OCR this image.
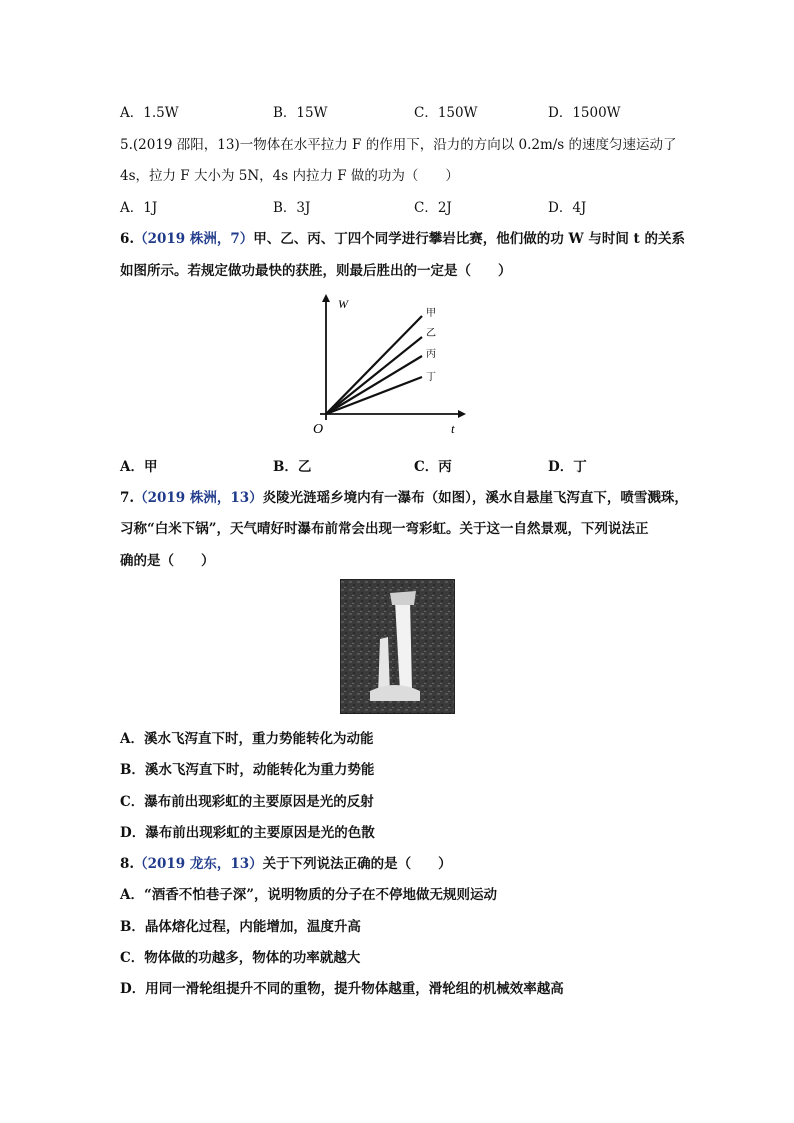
A．1.5W	B．15W	C．150W	D．1500W
5.(2019 邵阳，13)一物体在水平拉力 F 的作用下，沿力的方向以 0.2m/s 的速度匀速运动了
4s，拉力 F 大小为 5N，4s 内拉力 F 做的功为（　　）
A．1J	B．3J	C．2J	D．4J
6.（2019 株洲，7）甲、乙、丙、丁四个同学进行攀岩比赛，他们做的功 W 与时间 t 的关系
如图所示。若规定做功最快的获胜，则最后胜出的一定是（　　）
W
t
O
甲
乙
丙
丁
A．甲	B．乙	C．丙	D．丁
7.（2019 株洲，13）炎陵光涟瑶乡境内有一瀑布（如图），溪水自悬崖飞泻直下，喷雪溅珠，
习称“白米下锅”，天气晴好时瀑布前常会出现一弯彩虹。关于这一自然景观，下列说法正
确的是（　　）
A．溪水飞泻直下时，重力势能转化为动能
B．溪水飞泻直下时，动能转化为重力势能
C．瀑布前出现彩虹的主要原因是光的反射
D．瀑布前出现彩虹的主要原因是光的色散
8.（2019 龙东，13）关于下列说法正确的是（　　）
A．“酒香不怕巷子深”，说明物质的分子在不停地做无规则运动
B．晶体熔化过程，内能增加，温度升高
C．物体做的功越多，物体的功率就越大
D．用同一滑轮组提升不同的重物，提升物体越重，滑轮组的机械效率越高
